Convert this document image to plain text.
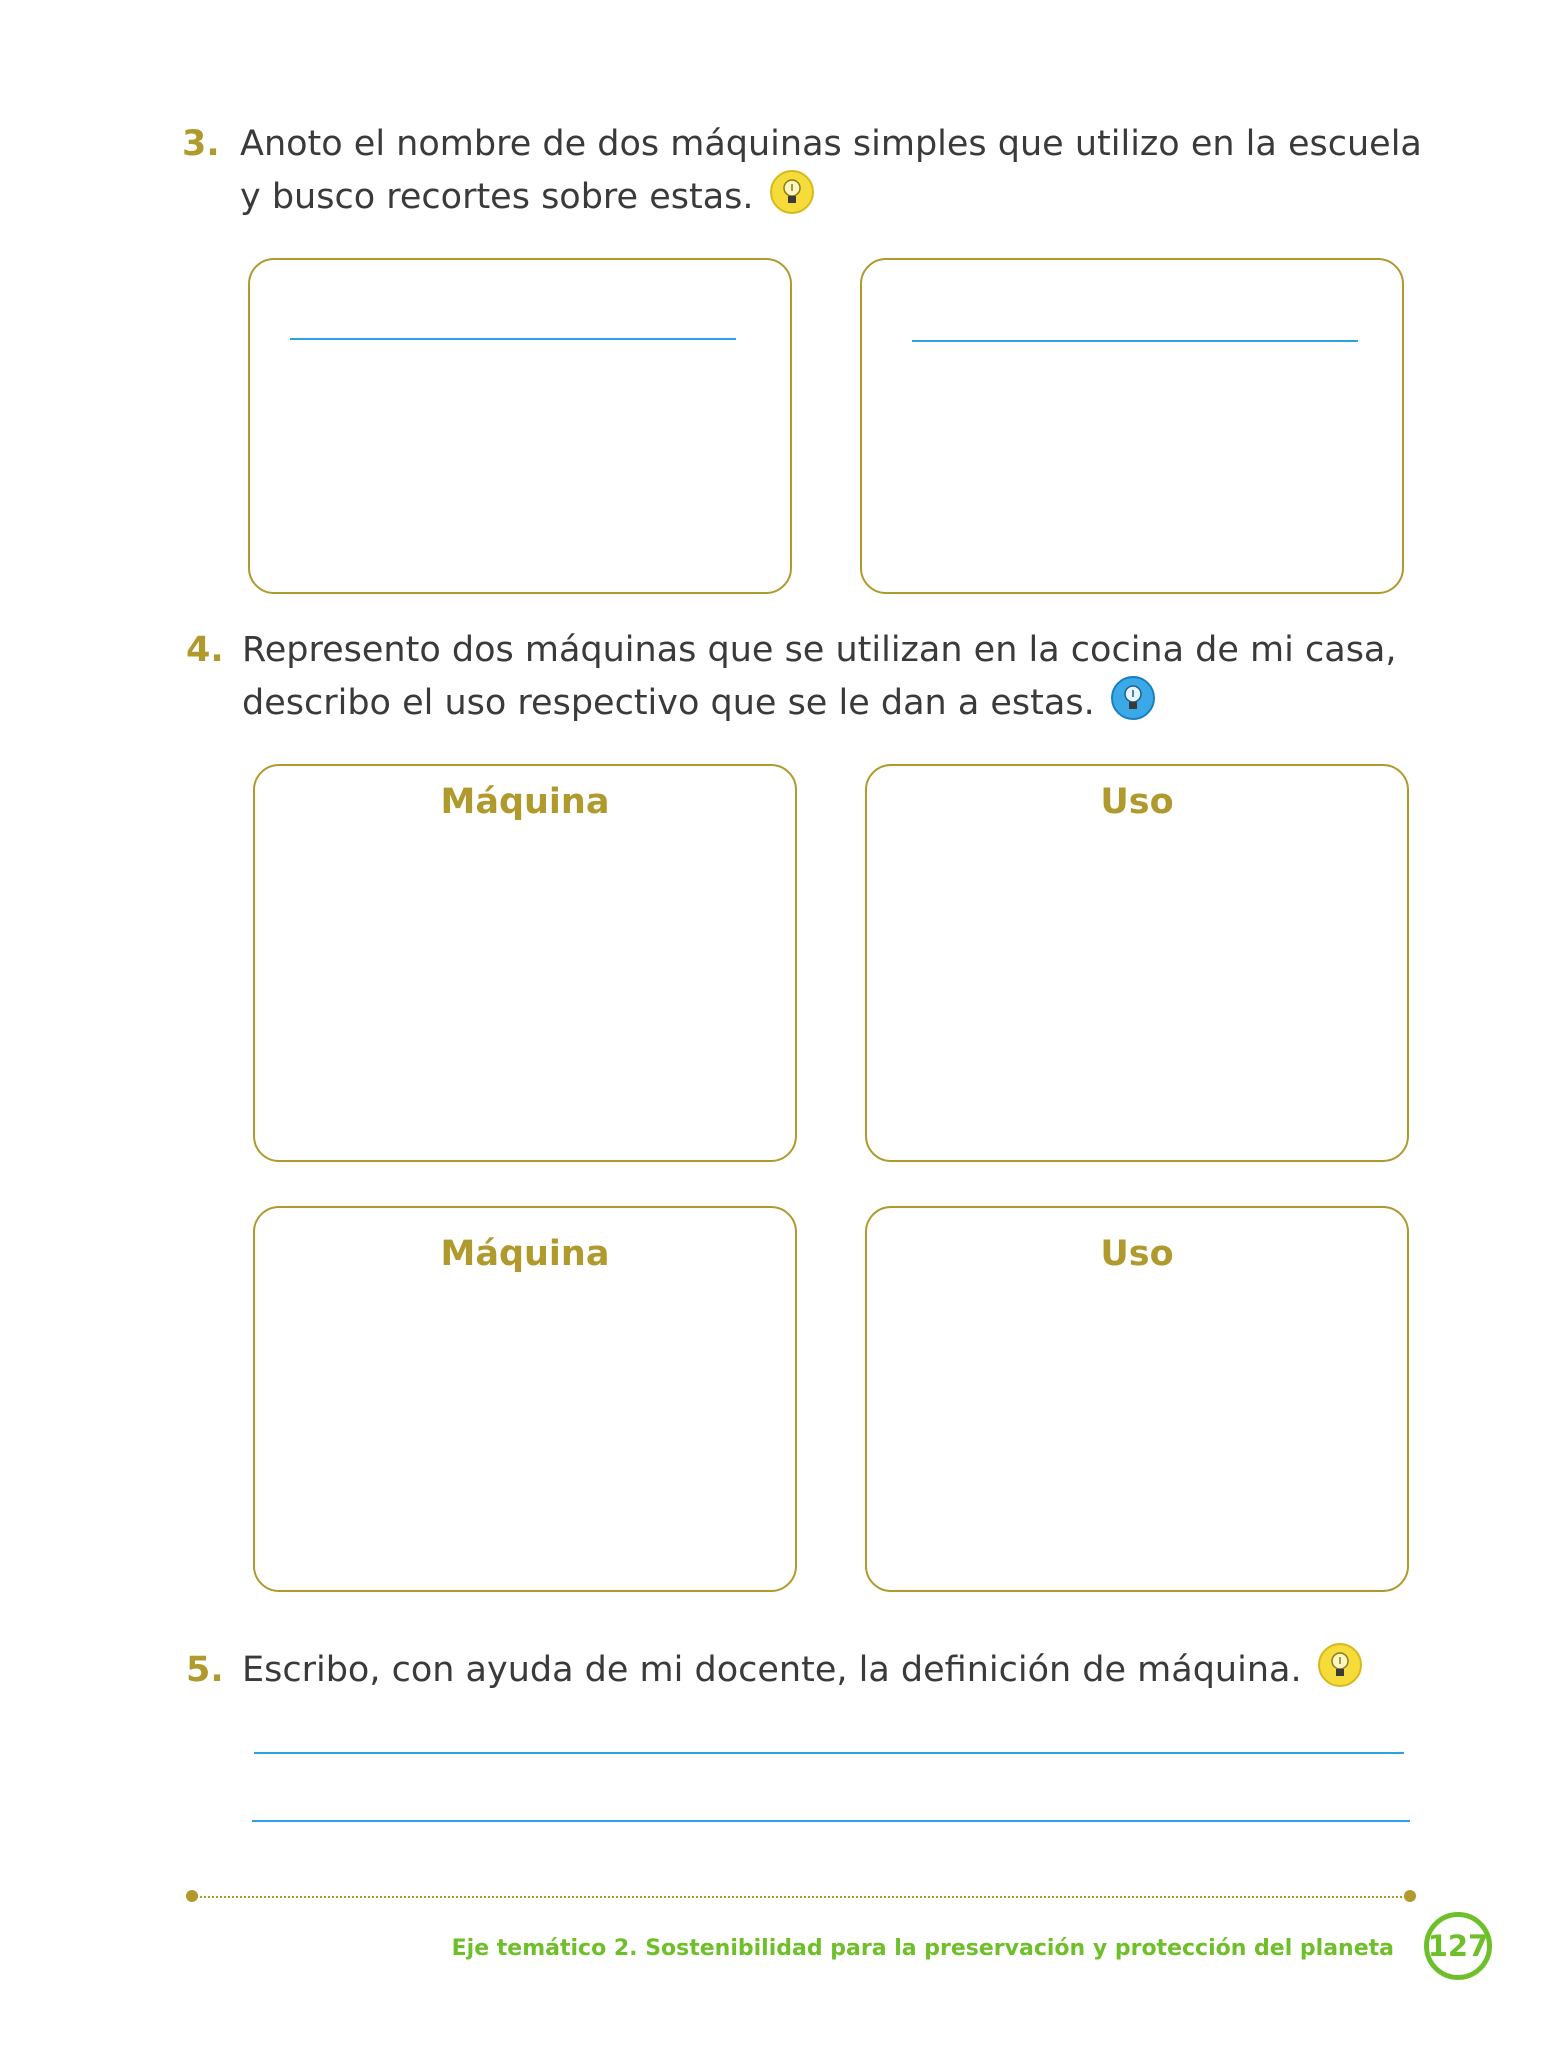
3. Anoto el nombre de dos máquinas simples que utilizo en la escuela
y busco recortes sobre estas.
4. Represento dos máquinas que se utilizan en la cocina de mi casa,
describo el uso respectivo que se le dan a estas.
Máquina	Uso
Máquina	Uso
5. Escribo, con ayuda de mi docente, la definición de máquina.
Eje temático 2. Sostenibilidad para la preservación y protección del planeta 127
